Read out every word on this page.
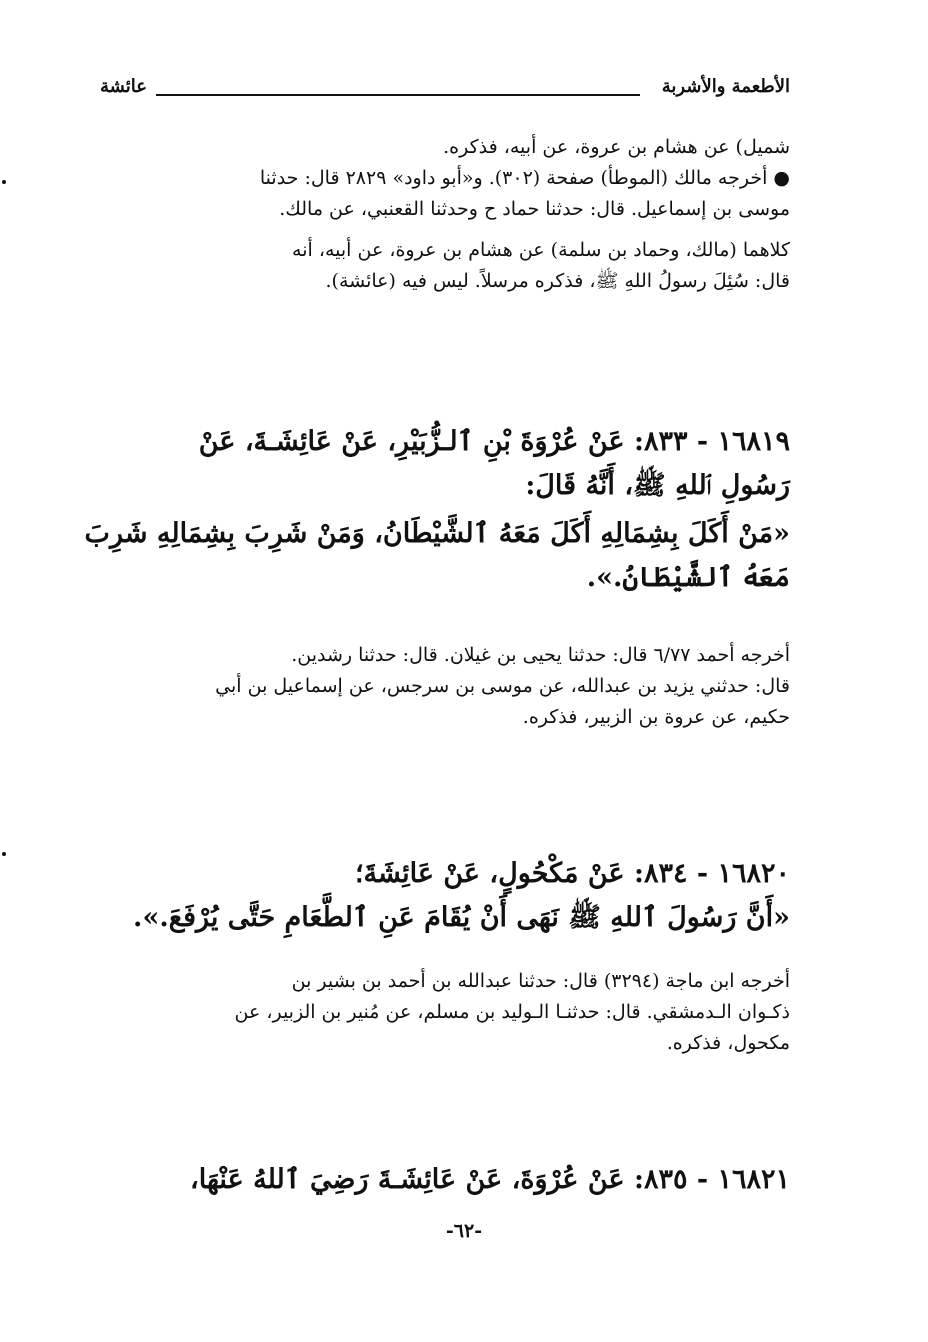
الأطعمة والأشربة
عائشة
شميل) عن هشام بن عروة، عن أبيه، فذكره.
● أخرجه مالك (الموطأ) صفحة (٣٠٢). و«أبو داود» ٢٨٢٩ قال: حدثنا
موسى بن إسماعيل. قال: حدثنا حماد ح وحدثنا القعنبي، عن مالك.
كلاهما (مالك، وحماد بن سلمة) عن هشام بن عروة، عن أبيه، أنه
قال: سُئِلَ رسولُ اللهِ ﷺ، فذكره مرسلاً. ليس فيه (عائشة).
١٦٨١٩ - ٨٣٣: عَنْ عُرْوَةَ بْنِ ٱلـزُّبَيْرِ، عَنْ عَائِشَـةَ، عَنْ
رَسُولِ ٱللهِ ﷺ، أَنَّهُ قَالَ:
«مَنْ أَكَلَ بِشِمَالِهِ أَكَلَ مَعَهُ ٱلشَّيْطَانُ، وَمَنْ شَرِبَ بِشِمَالِهِ شَرِبَ
مَعَهُ ٱلشَّيْطَانُ.».
أخرجه أحمد ٦/٧٧ قال: حدثنا يحيى بن غيلان. قال: حدثنا رشدين.
قال: حدثني يزيد بن عبدالله، عن موسى بن سرجس، عن إسماعيل بن أبي
حكيم، عن عروة بن الزبير، فذكره.
١٦٨٢٠ - ٨٣٤: عَنْ مَكْحُولٍ، عَنْ عَائِشَةَ؛
«أَنَّ رَسُولَ ٱللهِ ﷺ نَهَى أَنْ يُقَامَ عَنِ ٱلطَّعَامِ حَتَّى يُرْفَعَ.».
أخرجه ابن ماجة (٣٢٩٤) قال: حدثنا عبدالله بن أحمد بن بشير بن
ذكـوان الـدمشقي. قال: حدثنـا الـوليد بن مسلم، عن مُنير بن الزبير، عن
مكحول، فذكره.
١٦٨٢١ - ٨٣٥: عَنْ عُرْوَةَ، عَنْ عَائِشَـةَ رَضِيَ ٱللهُ عَنْهَا،
-٦٢-
